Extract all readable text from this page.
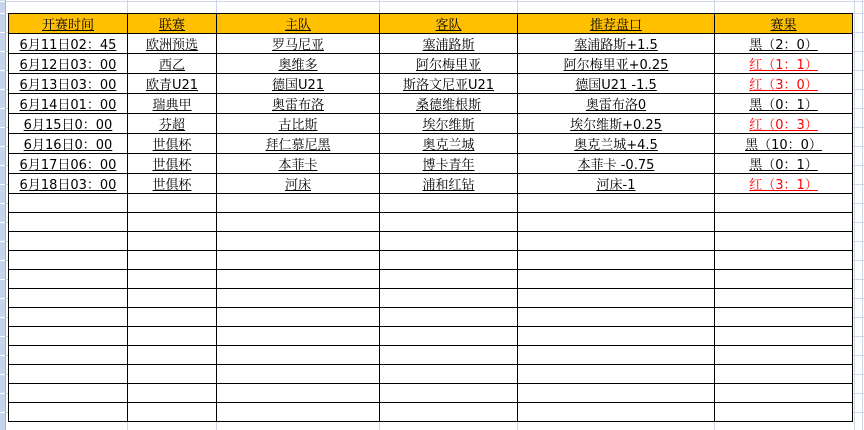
开赛时间	联赛	主队	客队	推荐盘口	赛果
6月11日02：45	欧洲预选	罗马尼亚	塞浦路斯	塞浦路斯+1.5	黑（2：0）
6月12日03：00	西乙	奥维多	阿尔梅里亚	阿尔梅里亚+0.25	红（1：1）
6月13日03：00	欧青U21	德国U21	斯洛文尼亚U21	德国U21 -1.5	红（3：0）
6月14日01：00	瑞典甲	奥雷布洛	桑德维根斯	奥雷布洛0	黑（0：1）
6月15日0：00	芬超	古比斯	埃尔维斯	埃尔维斯+0.25	红（0：3）
6月16日0：00	世俱杯	拜仁慕尼黑	奥克兰城	奥克兰城+4.5	黑（10：0）
6月17日06：00	世俱杯	本菲卡	博卡青年	本菲卡 -0.75	黑（0：1）
6月18日03：00	世俱杯	河床	浦和红钻	河床-1	红（3：1）
